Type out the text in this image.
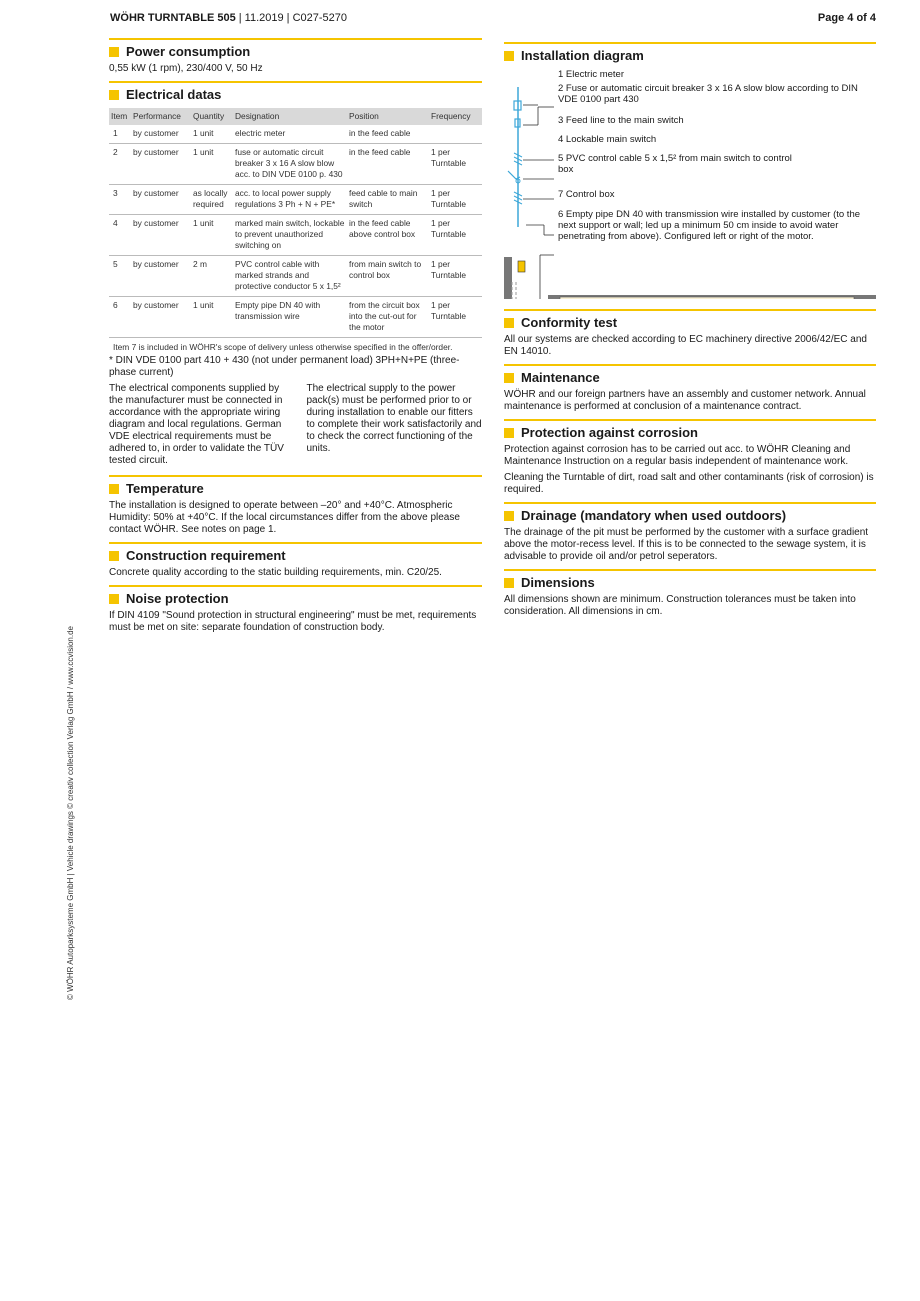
WÖHR TURNTABLE 505 | 11.2019 | C027-5270	Page 4 of 4
Power consumption

0,55 kW (1 rpm), 230/400 V, 50 Hz

Electrical datas
Item	Performance	Quantity	Designation	Position	Frequency
1	by customer	1 unit	electric meter	in the feed cable	
2	by customer	1 unit	fuse or automatic circuit breaker 3 x 16 A slow blow acc. to DIN VDE 0100 p. 430	in the feed cable	1 per Turntable
3	by customer	as locally required	acc. to local power supply regulations 3 Ph + N + PE*	feed cable to main switch	1 per Turntable
4	by customer	1 unit	marked main switch, lockable to prevent unauthorized switching on	in the feed cable above control box	1 per Turntable
5	by customer	2 m	PVC control cable with marked strands and protective conductor 5 x 1,5²	from main switch to control box	1 per Turntable
6	by customer	1 unit	Empty pipe DN 40 with transmission wire	from the circuit box into the cut-out for the motor	1 per Turntable
Item 7 is included in WÖHR's scope of delivery unless otherwise specified in the offer/order.

* DIN VDE 0100 part 410 + 430 (not under permanent load) 3PH+N+PE (three-phase current)

The electrical components supplied by the manufacturer must be connected in accordance with the appropriate wiring diagram and local regulations. German VDE electrical requirements must be adhered to, in order to validate the TÜV tested circuit.

The electrical supply to the power pack(s) must be performed prior to or during installation to enable our fitters to complete their work satisfactorily and to check the correct functioning of the units.

Temperature

The installation is designed to operate between –20° and +40°C. Atmospheric Humidity: 50% at +40°C. If the local circumstances differ from the above please contact WÖHR. See notes on page 1.

Construction requirement

Concrete quality according to the static building requirements, min. C20/25.

Noise protection

If DIN 4109 "Sound protection in structural engineering" must be met, requirements must be met on site: separate foundation of construction body.

Installation diagram
1 Electric meter
2 Fuse or automatic circuit breaker 3 x 16 A slow blow according to DIN VDE 0100 part 430
3 Feed line to the main switch
4 Lockable main switch
5 PVC control cable 5 x 1,5² from main switch to control box
7 Control box
6 Empty pipe DN 40 with transmission wire installed by customer (to the next support or wall; led up a minimum 50 cm inside to avoid water penetrating from above). Configured left or right of the motor.
Conformity test

All our systems are checked according to EC machinery directive 2006/42/EC and EN 14010.

Maintenance

WÖHR and our foreign partners have an assembly and customer network. Annual maintenance is performed at conclusion of a maintenance contract.

Protection against corrosion

Protection against corrosion has to be carried out acc. to WÖHR Cleaning and Maintenance Instruction on a regular basis independent of maintenance work.

Cleaning the Turntable of dirt, road salt and other contaminants (risk of corrosion) is required.

Drainage (mandatory when used outdoors)

The drainage of the pit must be performed by the customer with a surface gradient above the motor-recess level. If this is to be connected to the sewage system, it is advisable to provide oil and/or petrol seperators.

Dimensions

All dimensions shown are minimum. Construction tolerances must be taken into consideration. All dimensions in cm.

© WÖHR Autoparksysteme GmbH | Vehicle drawings © creativ collection Verlag GmbH / www.ccvision.de
